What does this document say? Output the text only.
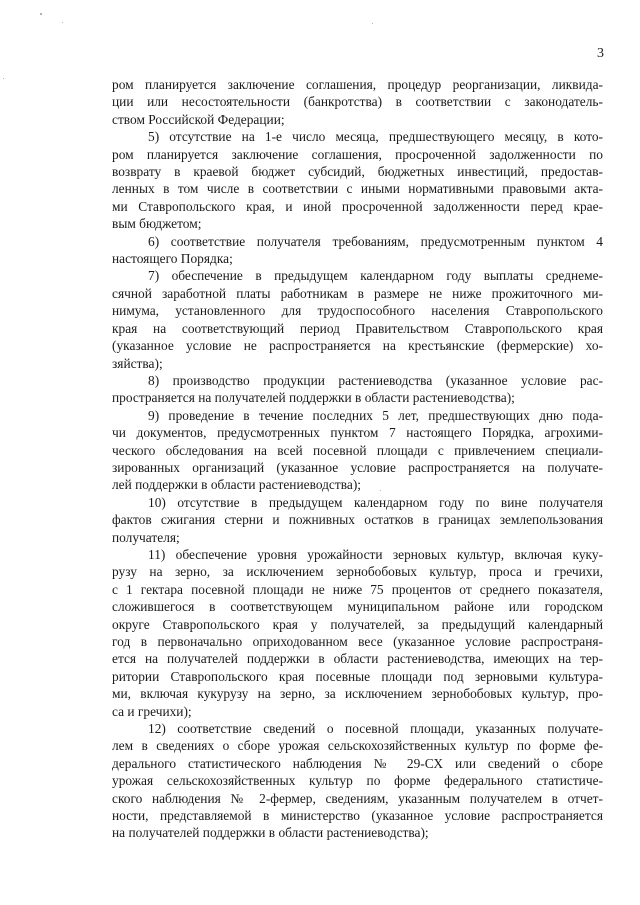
3

ром планируется заключение соглашения, процедур реорганизации, ликвида-
ции или несостоятельности (банкротства) в соответствии с законодатель-
ством Российской Федерации;

5) отсутствие на 1-е число месяца, предшествующего месяцу, в кото-
ром планируется заключение соглашения, просроченной задолженности по
возврату в краевой бюджет субсидий, бюджетных инвестиций, предостав-
ленных в том числе в соответствии с иными нормативными правовыми акта-
ми Ставропольского края, и иной просроченной задолженности перед крае-
вым бюджетом;

6) соответствие получателя требованиям, предусмотренным пунктом 4
настоящего Порядка;

7) обеспечение в предыдущем календарном году выплаты среднеме-
сячной заработной платы работникам в размере не ниже прожиточного ми-
нимума, установленного для трудоспособного населения Ставропольского
края на соответствующий период Правительством Ставропольского края
(указанное условие не распространяется на крестьянские (фермерские) хо-
зяйства);

8) производство продукции растениеводства (указанное условие рас-
пространяется на получателей поддержки в области растениеводства);

9) проведение в течение последних 5 лет, предшествующих дню пода-
чи документов, предусмотренных пунктом 7 настоящего Порядка, агрохими-
ческого обследования на всей посевной площади с привлечением специали-
зированных организаций (указанное условие распространяется на получате-
лей поддержки в области растениеводства);

10) отсутствие в предыдущем календарном году по вине получателя
фактов сжигания стерни и пожнивных остатков в границах землепользования
получателя;

11) обеспечение уровня урожайности зерновых культур, включая куку-
рузу на зерно, за исключением зернобобовых культур, проса и гречихи,
с 1 гектара посевной площади не ниже 75 процентов от среднего показателя,
сложившегося в соответствующем муниципальном районе или городском
округе Ставропольского края у получателей, за предыдущий календарный
год в первоначально оприходованном весе (указанное условие распространя-
ется на получателей поддержки в области растениеводства, имеющих на тер-
ритории Ставропольского края посевные площади под зерновыми культура-
ми, включая кукурузу на зерно, за исключением зернобобовых культур, про-
са и гречихи);

12) соответствие сведений о посевной площади, указанных получате-
лем в сведениях о сборе урожая сельскохозяйственных культур по форме фе-
дерального статистического наблюдения № 29-СХ или сведений о сборе
урожая сельскохозяйственных культур по форме федерального статистиче-
ского наблюдения № 2-фермер, сведениям, указанным получателем в отчет-
ности, представляемой в министерство (указанное условие распространяется
на получателей поддержки в области растениеводства);
